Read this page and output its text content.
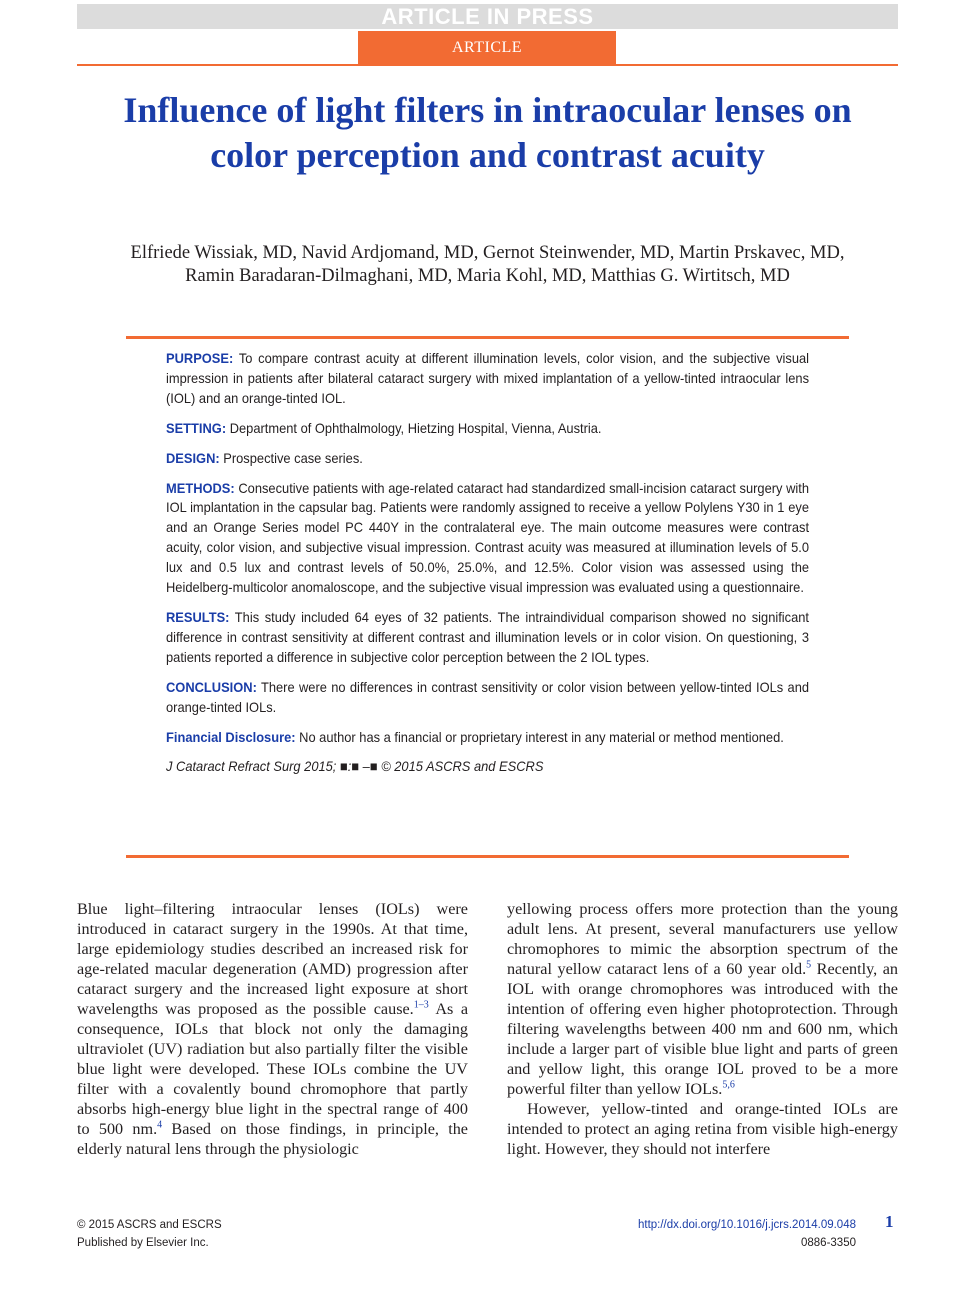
ARTICLE IN PRESS
ARTICLE
Influence of light filters in intraocular lenses on color perception and contrast acuity
Elfriede Wissiak, MD, Navid Ardjomand, MD, Gernot Steinwender, MD, Martin Prskavec, MD,
Ramin Baradaran-Dilmaghani, MD, Maria Kohl, MD, Matthias G. Wirtitsch, MD

PURPOSE: To compare contrast acuity at different illumination levels, color vision, and the subjective visual impression in patients after bilateral cataract surgery with mixed implantation of a yellow-tinted intraocular lens (IOL) and an orange-tinted IOL.

SETTING: Department of Ophthalmology, Hietzing Hospital, Vienna, Austria.

DESIGN: Prospective case series.

METHODS: Consecutive patients with age-related cataract had standardized small-incision cataract surgery with IOL implantation in the capsular bag. Patients were randomly assigned to receive a yellow Polylens Y30 in 1 eye and an Orange Series model PC 440Y in the contralateral eye. The main outcome measures were contrast acuity, color vision, and subjective visual impression. Contrast acuity was measured at illumination levels of 5.0 lux and 0.5 lux and contrast levels of 50.0%, 25.0%, and 12.5%. Color vision was assessed using the Heidelberg-multicolor anomaloscope, and the subjective visual impression was evaluated using a questionnaire.

RESULTS: This study included 64 eyes of 32 patients. The intraindividual comparison showed no significant difference in contrast sensitivity at different contrast and illumination levels or in color vision. On questioning, 3 patients reported a difference in subjective color perception between the 2 IOL types.

CONCLUSION: There were no differences in contrast sensitivity or color vision between yellow-tinted IOLs and orange-tinted IOLs.

Financial Disclosure: No author has a financial or proprietary interest in any material or method mentioned.

J Cataract Refract Surg 2015; ■:■ –■ © 2015 ASCRS and ESCRS

Blue light–filtering intraocular lenses (IOLs) were introduced in cataract surgery in the 1990s. At that time, large epidemiology studies described an increased risk for age-related macular degeneration (AMD) progression after cataract surgery and the increased light exposure at short wavelengths was proposed as the possible cause.$^{1-3}$ As a consequence, IOLs that block not only the damaging ultraviolet (UV) radiation but also partially filter the visible blue light were developed. These IOLs combine the UV filter with a covalently bound chromophore that partly absorbs high-energy blue light in the spectral range of 400 to 500 nm.$^4$ Based on those findings, in principle, the elderly natural lens through the physiologic

yellowing process offers more protection than the young adult lens. At present, several manufacturers use yellow chromophores to mimic the absorption spectrum of the natural yellow cataract lens of a 60 year old.$^5$ Recently, an IOL with orange chromophores was introduced with the intention of offering even higher photoprotection. Through filtering wavelengths between 400 nm and 600 nm, which include a larger part of visible blue light and parts of green and yellow light, this orange IOL proved to be a more powerful filter than yellow IOLs.$^{5,6}$

However, yellow-tinted and orange-tinted IOLs are intended to protect an aging retina from visible high-energy light. However, they should not interfere

© 2015 ASCRS and ESCRS
Published by Elsevier Inc.
http://dx.doi.org/10.1016/j.jcrs.2014.09.048
0886-3350
1
